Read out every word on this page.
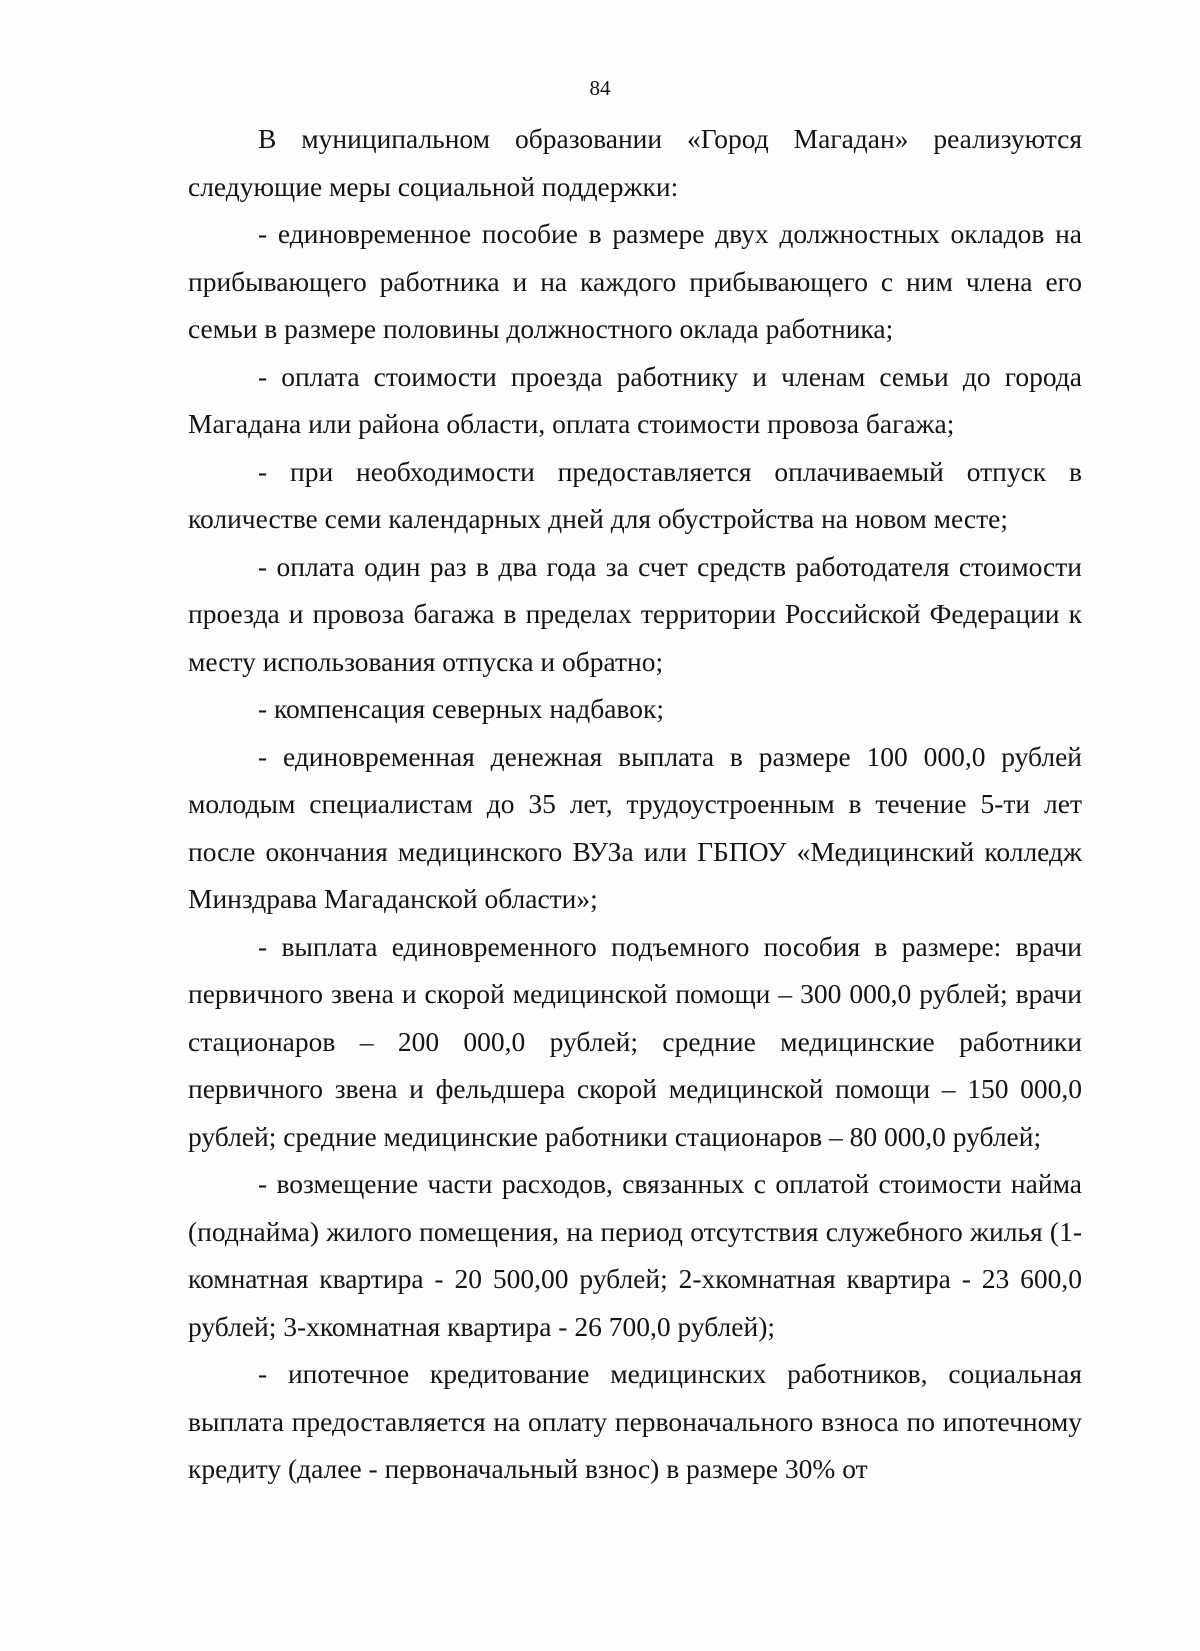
84

В муниципальном образовании «Город Магадан» реализуются следующие меры социальной поддержки:

- единовременное пособие в размере двух должностных окладов на прибывающего работника и на каждого прибывающего с ним члена его семьи в размере половины должностного оклада работника;

- оплата стоимости проезда работнику и членам семьи до города Магадана или района области, оплата стоимости провоза багажа;

- при необходимости предоставляется оплачиваемый отпуск в количестве семи календарных дней для обустройства на новом месте;

- оплата один раз в два года за счет средств работодателя стоимости проезда и провоза багажа в пределах территории Российской Федерации к месту использования отпуска и обратно;

- компенсация северных надбавок;

- единовременная денежная выплата в размере 100 000,0 рублей молодым специалистам до 35 лет, трудоустроенным в течение 5-ти лет после окончания медицинского ВУЗа или ГБПОУ «Медицинский колледж Минздрава Магаданской области»;

- выплата единовременного подъемного пособия в размере: врачи первичного звена и скорой медицинской помощи – 300 000,0 рублей; врачи стационаров – 200 000,0 рублей; средние медицинские работники первичного звена и фельдшера скорой медицинской помощи – 150 000,0 рублей; средние медицинские работники стационаров – 80 000,0 рублей;

- возмещение части расходов, связанных с оплатой стоимости найма (поднайма) жилого помещения, на период отсутствия служебного жилья (1-комнатная квартира - 20 500,00 рублей; 2-хкомнатная квартира - 23 600,0 рублей; 3-хкомнатная квартира - 26 700,0 рублей);

- ипотечное кредитование медицинских работников, социальная выплата предоставляется на оплату первоначального взноса по ипотечному кредиту (далее - первоначальный взнос) в размере 30% от
